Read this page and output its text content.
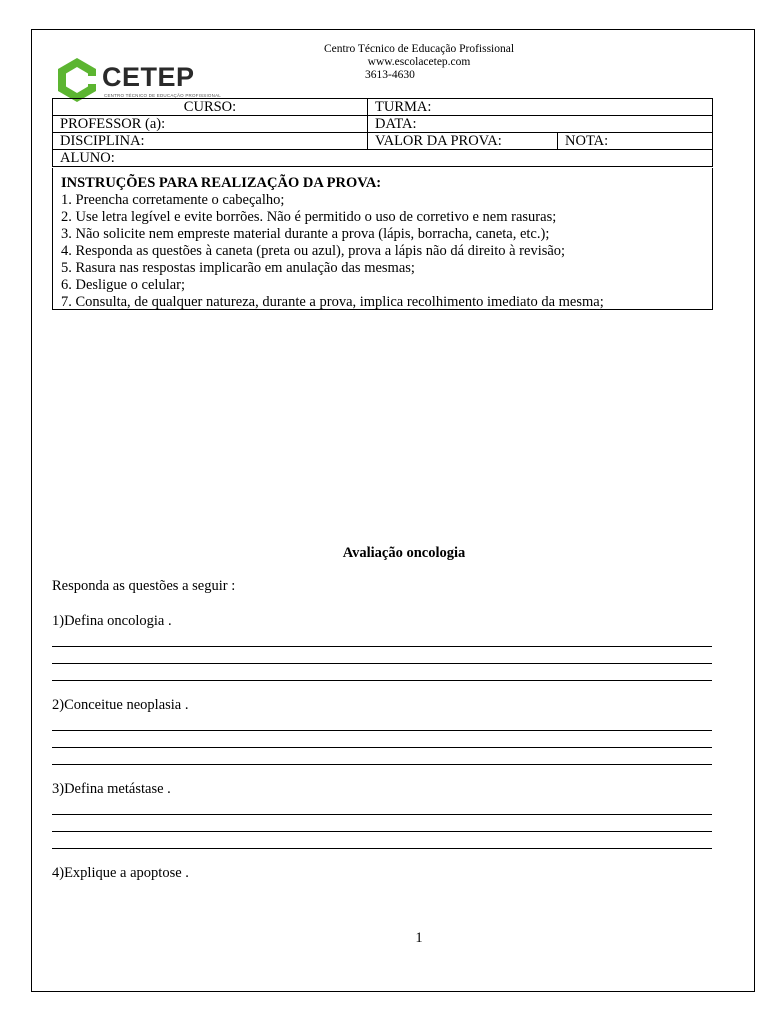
CETEP
CENTRO TÉCNICO DE EDUCAÇÃO PROFISSIONAL
Centro Técnico de Educação Profissional
www.escolacetep.com
3613-4630
CURSO:	TURMA:	
PROFESSOR (a):	DATA:	
DISCIPLINA:	VALOR DA PROVA:	NOTA:
ALUNO:		
INSTRUÇÕES PARA REALIZAÇÃO DA PROVA:
1. Preencha corretamente o cabeçalho;
2. Use letra legível e evite borrões. Não é permitido o uso de corretivo e nem rasuras;
3. Não solicite nem empreste material durante a prova (lápis, borracha, caneta, etc.);
4. Responda as questões à caneta (preta ou azul), prova a lápis não dá direito à revisão;
5. Rasura nas respostas implicarão em anulação das mesmas;
6. Desligue o celular;
7. Consulta, de qualquer natureza, durante a prova, implica recolhimento imediato da mesma;
Avaliação oncologia
Responda as questões a seguir :
1)Defina oncologia .
2)Conceitue neoplasia .
3)Defina metástase .
4)Explique a apoptose .
1
